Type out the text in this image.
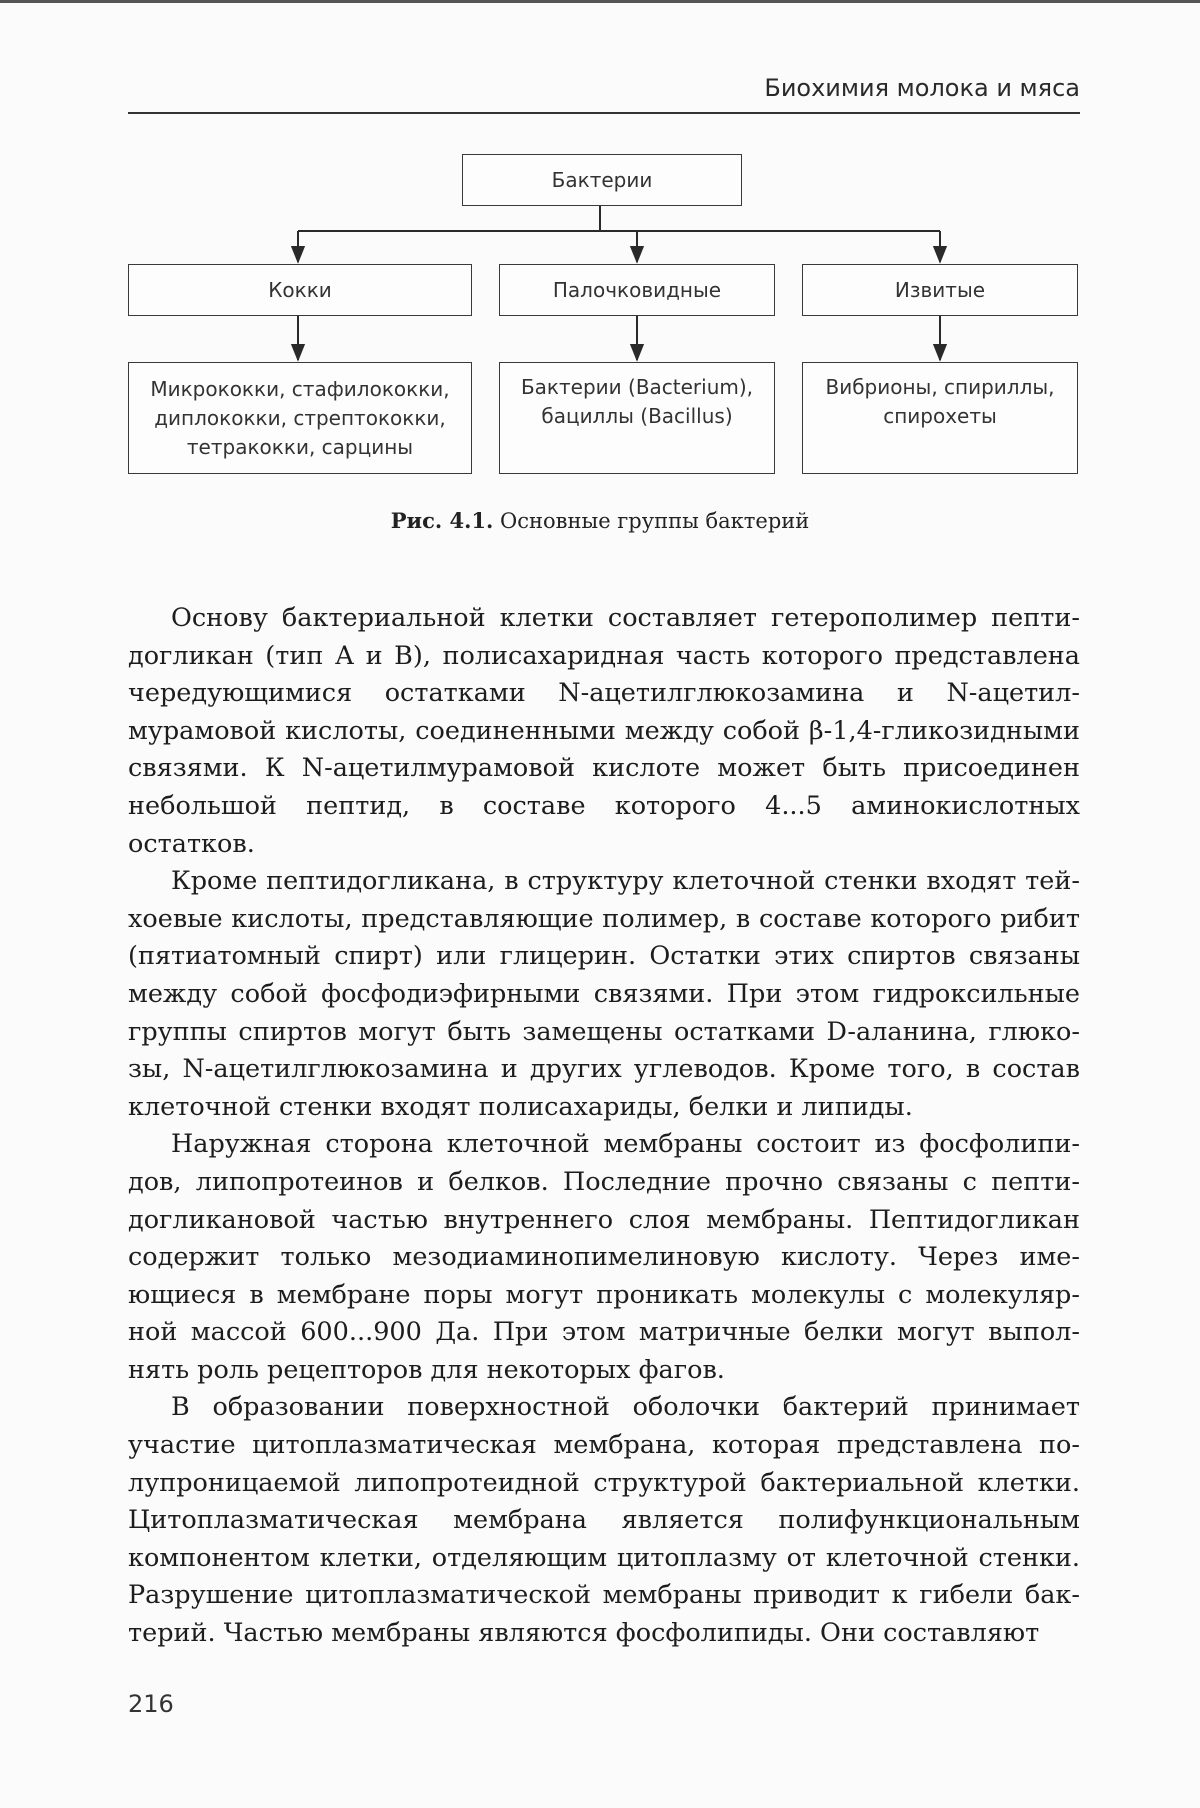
Биохимия молока и мяса
Бактерии
Кокки	Палочковидные	Извитые
Микрококки, стафилококки, диплококки, стрептококки, тетракокки, сарцины
Бактерии (Bacterium), бациллы (Bacillus)
Вибрионы, спириллы, спирохеты
Рис. 4.1. Основные группы бактерий

Основу бактериальной клетки составляет гетерополимер пептидогликан (тип А и В), полисахаридная часть которого представлена чередующимися остатками N-ацетилглюкозамина и N-ацетилмурамовой кислоты, соединенными между собой β-1,4-гликозидными связями. К N-ацетилмурамовой кислоте может быть присоединен небольшой пептид, в составе которого 4...5 аминокислотных остатков.

Кроме пептидогликана, в структуру клеточной стенки входят тейхоевые кислоты, представляющие полимер, в составе которого рибит (пятиатомный спирт) или глицерин. Остатки этих спиртов связаны между собой фосфодиэфирными связями. При этом гидроксильные группы спиртов могут быть замещены остатками D-аланина, глюкозы, N-ацетилглюкозамина и других углеводов. Кроме того, в состав клеточной стенки входят полисахариды, белки и липиды.

Наружная сторона клеточной мембраны состоит из фосфолипидов, липопротеинов и белков. Последние прочно связаны с пептидогликановой частью внутреннего слоя мембраны. Пептидогликан содержит только мезодиаминопимелиновую кислоту. Через имеющиеся в мембране поры могут проникать молекулы с молекулярной массой 600...900 Да. При этом матричные белки могут выполнять роль рецепторов для некоторых фагов.

В образовании поверхностной оболочки бактерий принимает участие цитоплазматическая мембрана, которая представлена полупроницаемой липопротеидной структурой бактериальной клетки. Цитоплазматическая мембрана является полифункциональным компонентом клетки, отделяющим цитоплазму от клеточной стенки. Разрушение цитоплазматической мембраны приводит к гибели бактерий. Частью мембраны являются фосфолипиды. Они составляют

216
